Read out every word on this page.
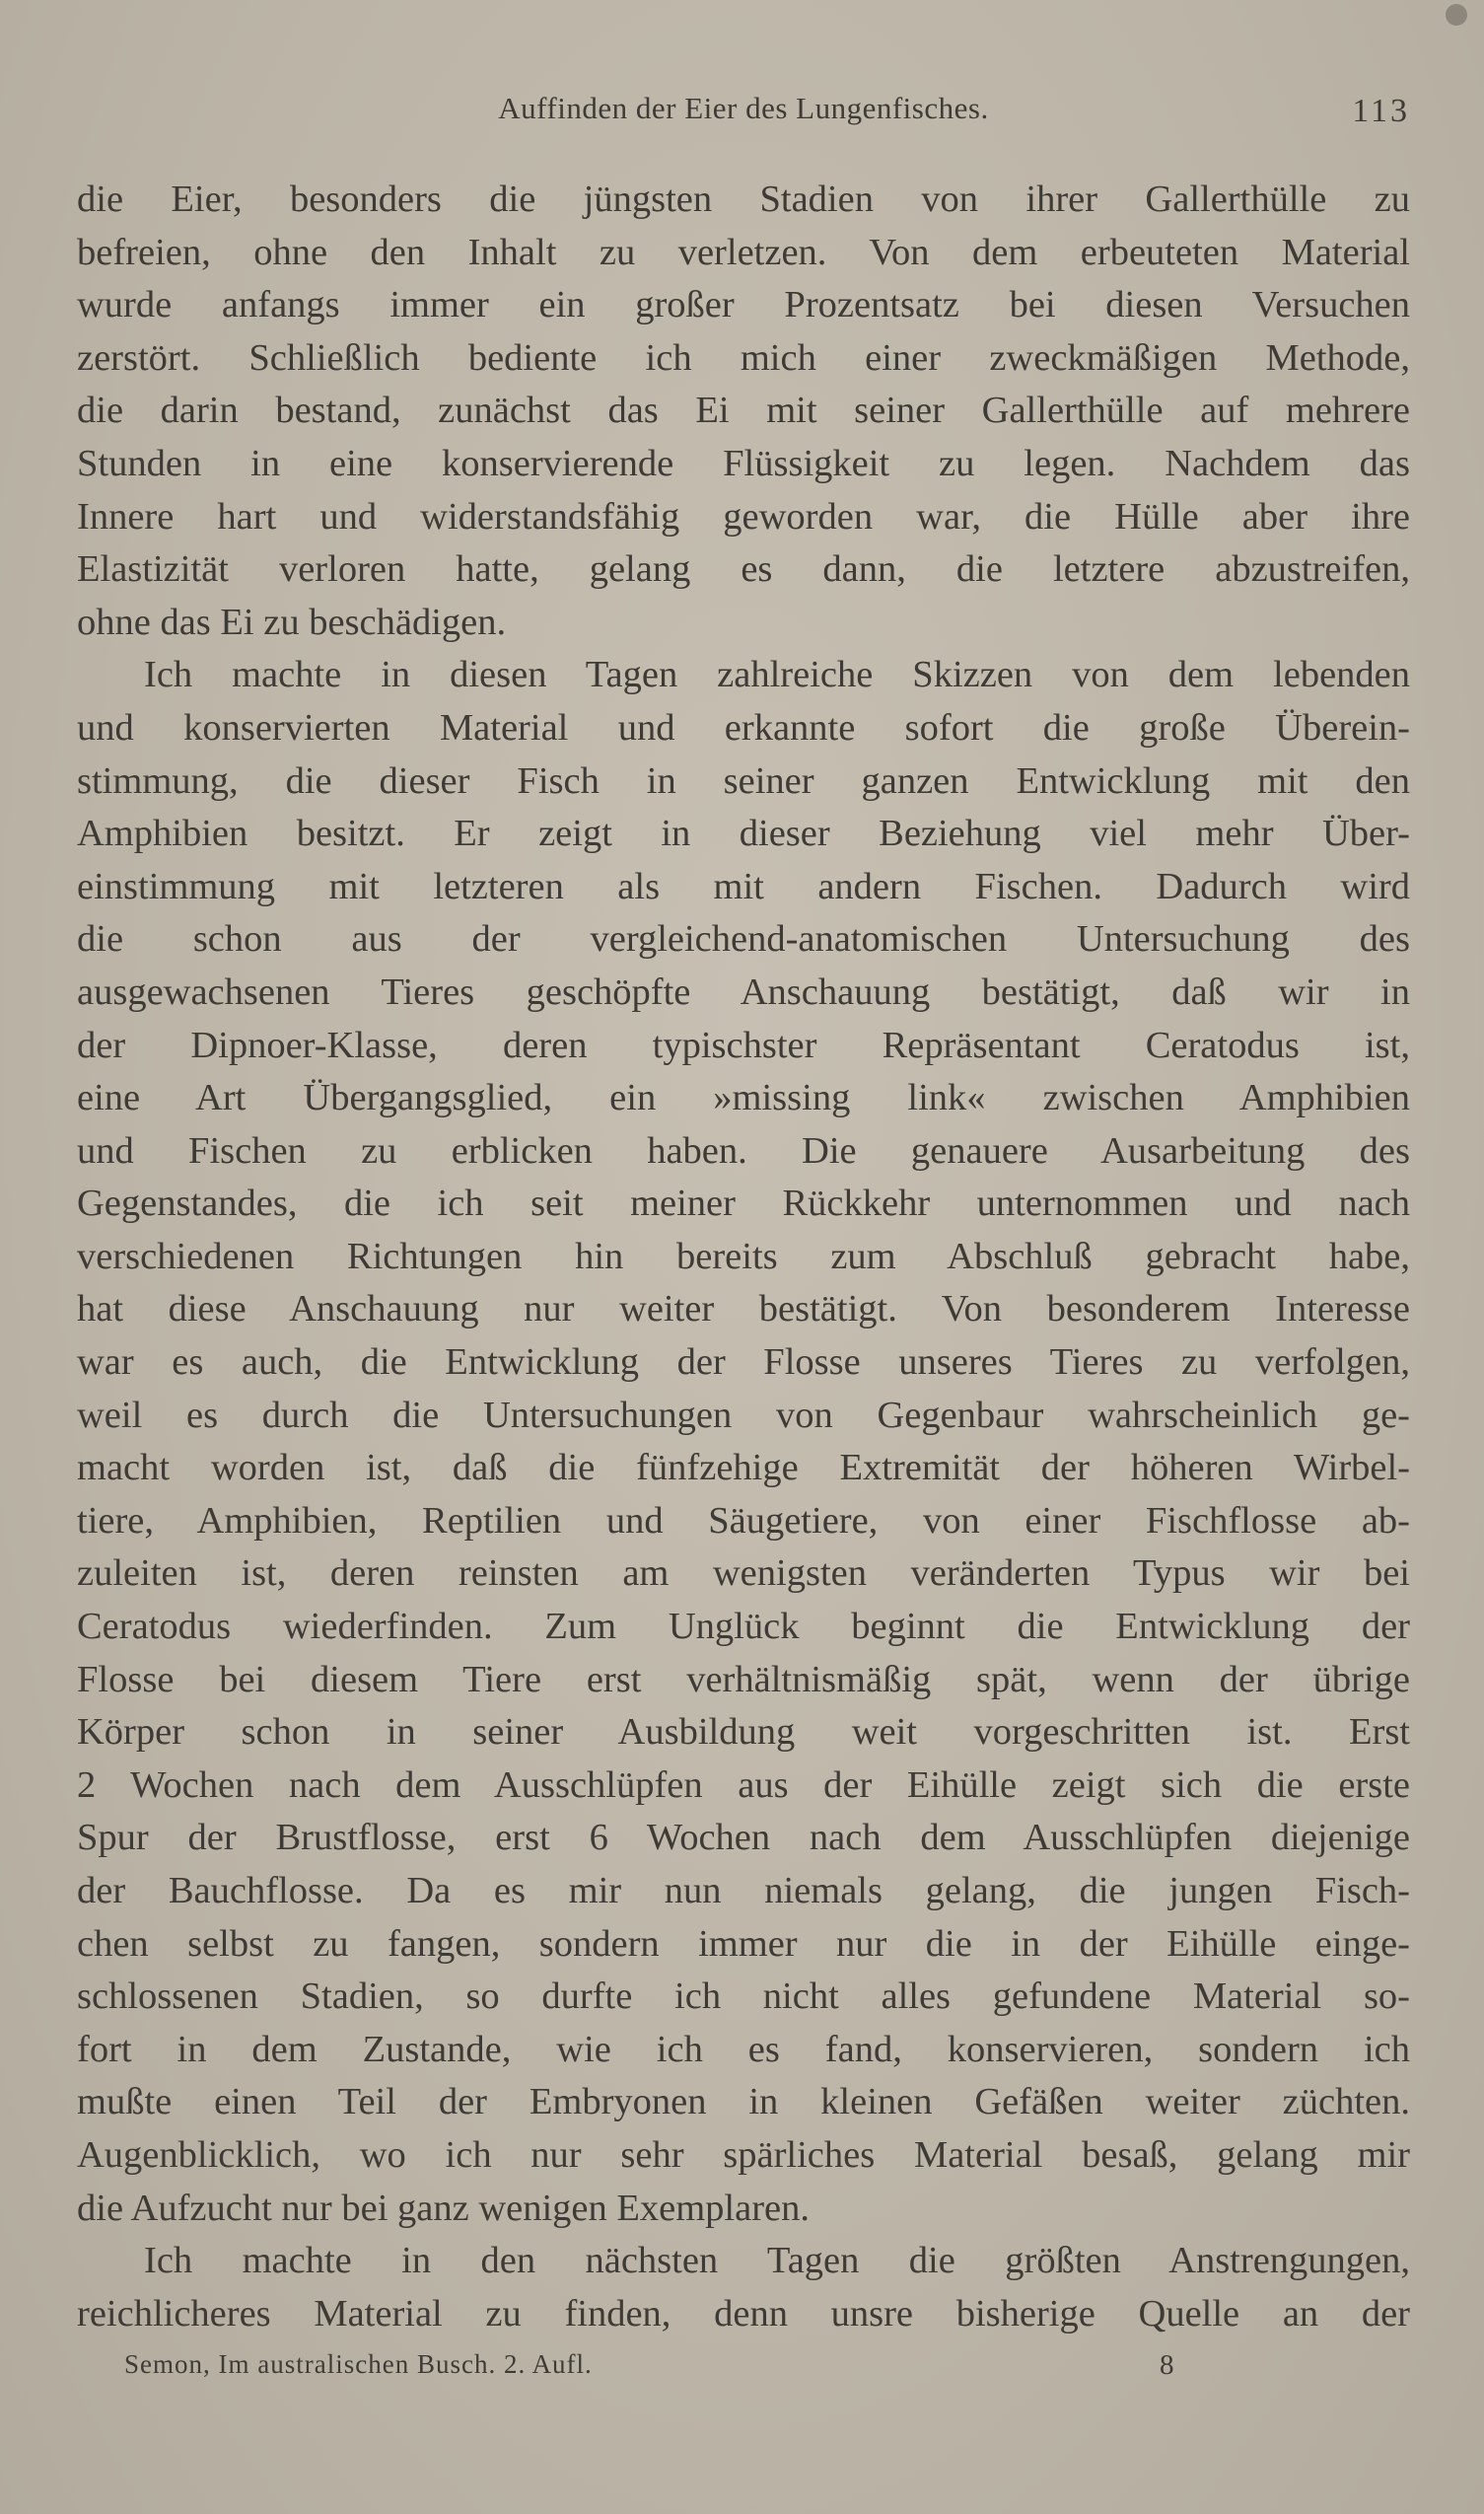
Auffinden der Eier des Lungenfisches.	113
die Eier, besonders die jüngsten Stadien von ihrer Gallerthülle zu
befreien, ohne den Inhalt zu verletzen. Von dem erbeuteten Material
wurde anfangs immer ein großer Prozentsatz bei diesen Versuchen
zerstört. Schließlich bediente ich mich einer zweckmäßigen Methode,
die darin bestand, zunächst das Ei mit seiner Gallerthülle auf mehrere
Stunden in eine konservierende Flüssigkeit zu legen. Nachdem das
Innere hart und widerstandsfähig geworden war, die Hülle aber ihre
Elastizität verloren hatte, gelang es dann, die letztere abzustreifen,
ohne das Ei zu beschädigen.
Ich machte in diesen Tagen zahlreiche Skizzen von dem lebenden
und konservierten Material und erkannte sofort die große Überein-
stimmung, die dieser Fisch in seiner ganzen Entwicklung mit den
Amphibien besitzt. Er zeigt in dieser Beziehung viel mehr Über-
einstimmung mit letzteren als mit andern Fischen. Dadurch wird
die schon aus der vergleichend-anatomischen Untersuchung des
ausgewachsenen Tieres geschöpfte Anschauung bestätigt, daß wir in
der Dipnoer-Klasse, deren typischster Repräsentant Ceratodus ist,
eine Art Übergangsglied, ein »missing link« zwischen Amphibien
und Fischen zu erblicken haben. Die genauere Ausarbeitung des
Gegenstandes, die ich seit meiner Rückkehr unternommen und nach
verschiedenen Richtungen hin bereits zum Abschluß gebracht habe,
hat diese Anschauung nur weiter bestätigt. Von besonderem Interesse
war es auch, die Entwicklung der Flosse unseres Tieres zu verfolgen,
weil es durch die Untersuchungen von Gegenbaur wahrscheinlich ge-
macht worden ist, daß die fünfzehige Extremität der höheren Wirbel-
tiere, Amphibien, Reptilien und Säugetiere, von einer Fischflosse ab-
zuleiten ist, deren reinsten am wenigsten veränderten Typus wir bei
Ceratodus wiederfinden. Zum Unglück beginnt die Entwicklung der
Flosse bei diesem Tiere erst verhältnismäßig spät, wenn der übrige
Körper schon in seiner Ausbildung weit vorgeschritten ist. Erst
2 Wochen nach dem Ausschlüpfen aus der Eihülle zeigt sich die erste
Spur der Brustflosse, erst 6 Wochen nach dem Ausschlüpfen diejenige
der Bauchflosse. Da es mir nun niemals gelang, die jungen Fisch-
chen selbst zu fangen, sondern immer nur die in der Eihülle einge-
schlossenen Stadien, so durfte ich nicht alles gefundene Material so-
fort in dem Zustande, wie ich es fand, konservieren, sondern ich
mußte einen Teil der Embryonen in kleinen Gefäßen weiter züchten.
Augenblicklich, wo ich nur sehr spärliches Material besaß, gelang mir
die Aufzucht nur bei ganz wenigen Exemplaren.
Ich machte in den nächsten Tagen die größten Anstrengungen,
reichlicheres Material zu finden, denn unsre bisherige Quelle an der
Semon, Im australischen Busch. 2. Aufl.	8
